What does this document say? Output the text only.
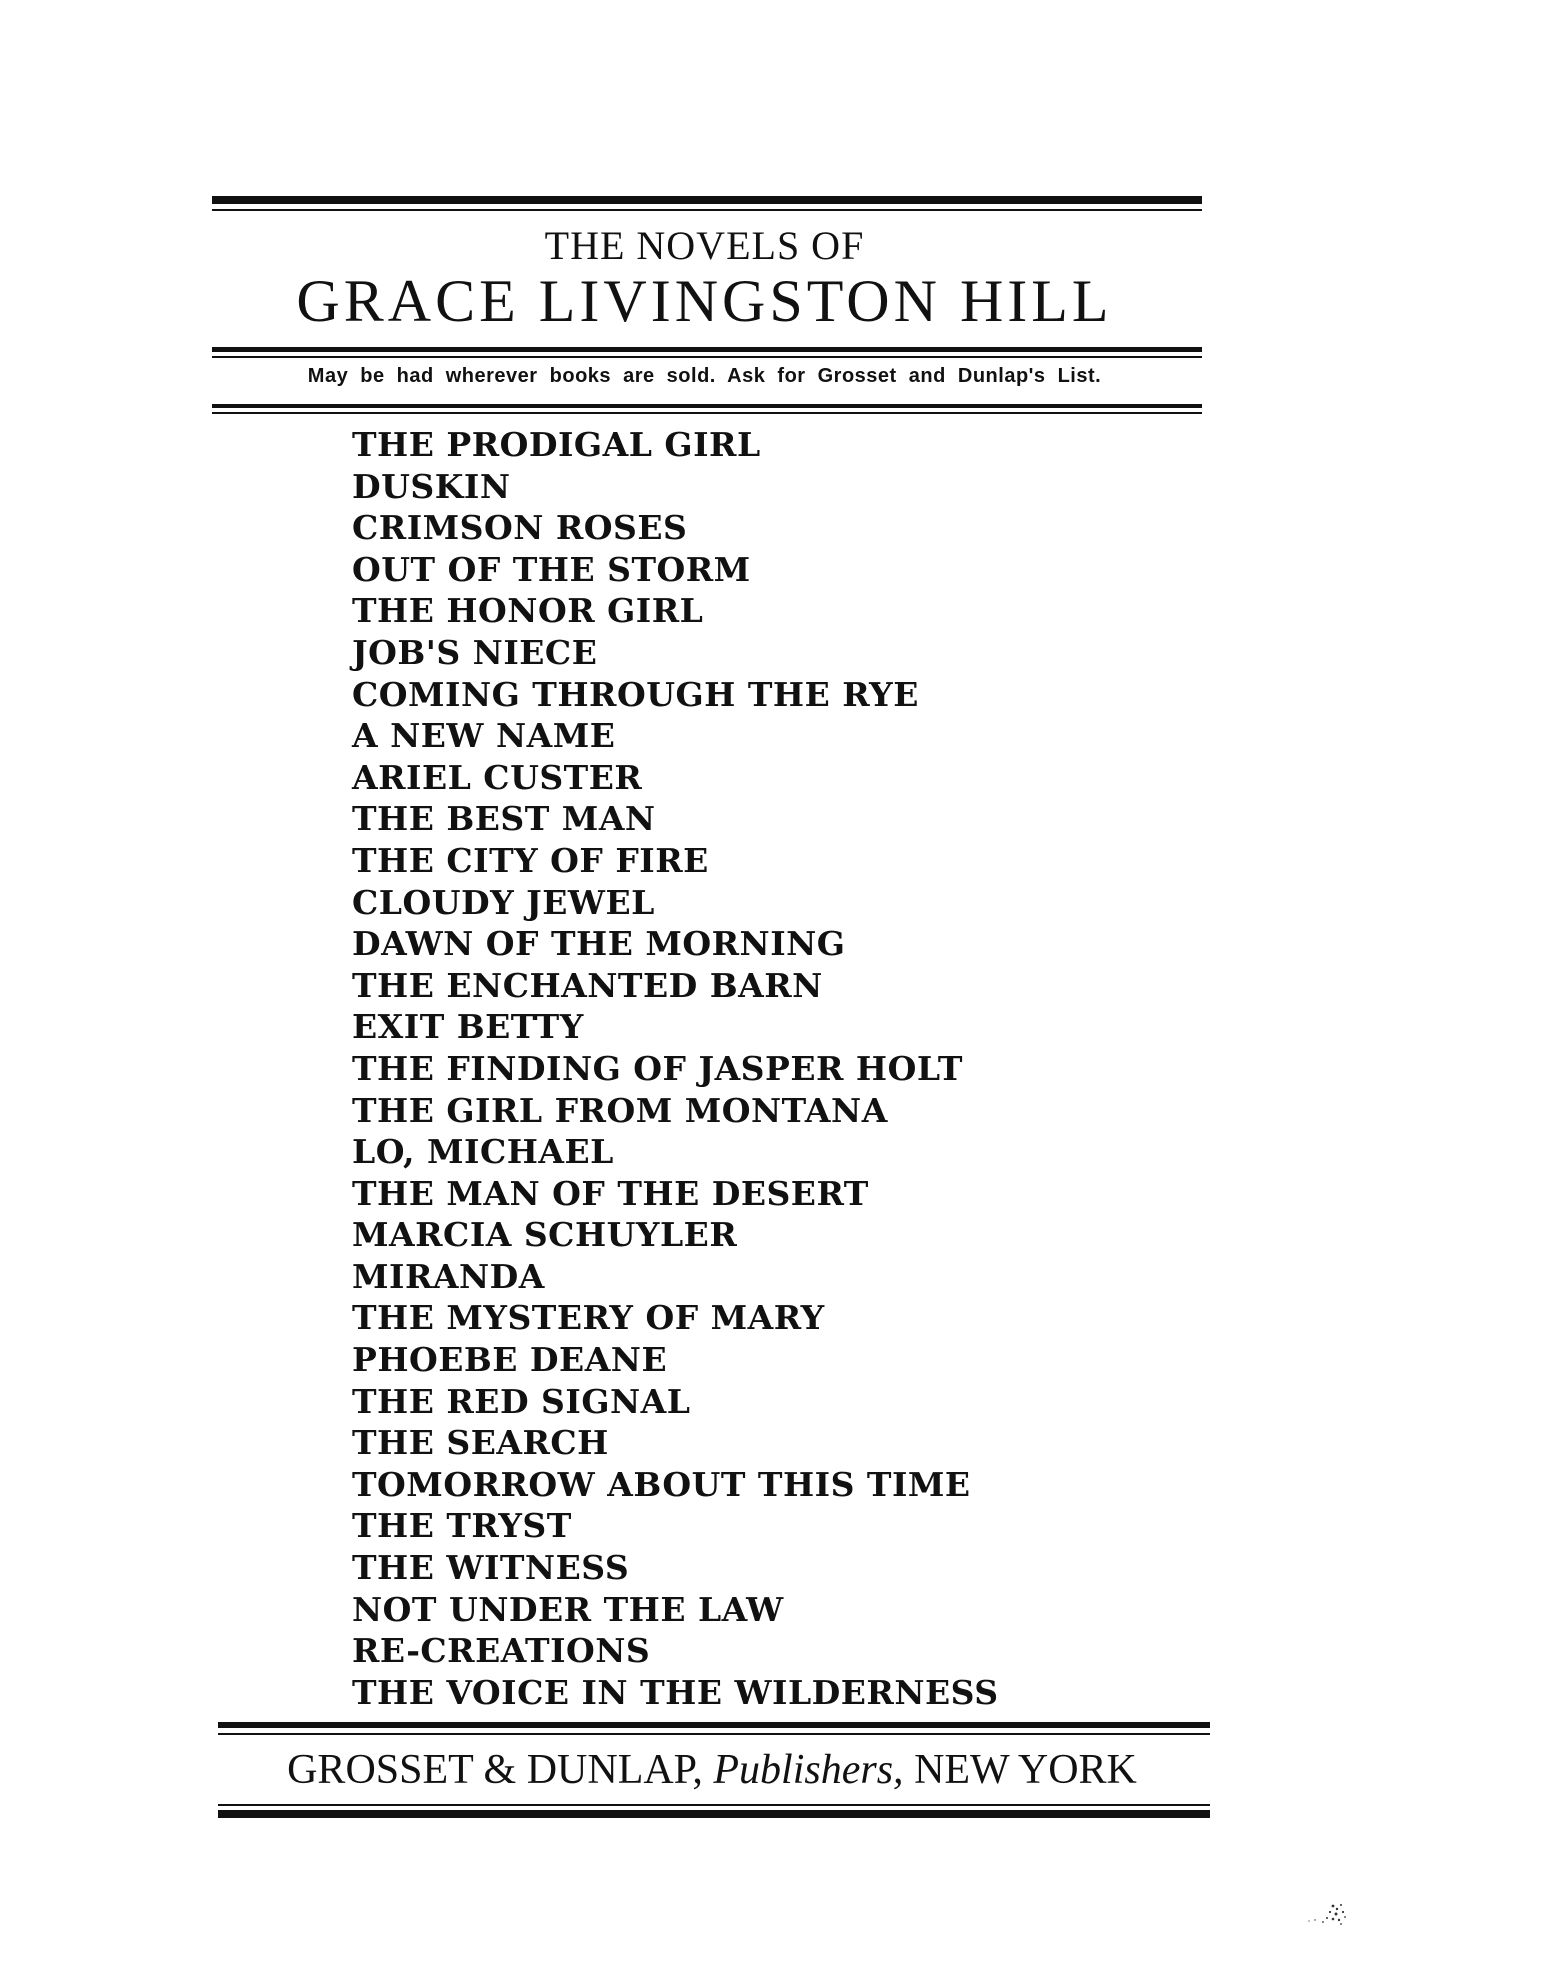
THE NOVELS OF
GRACE LIVINGSTON HILL
May be had wherever books are sold. Ask for Grosset and Dunlap's List.
THE PRODIGAL GIRL
DUSKIN
CRIMSON ROSES
OUT OF THE STORM
THE HONOR GIRL
JOB'S NIECE
COMING THROUGH THE RYE
A NEW NAME
ARIEL CUSTER
THE BEST MAN
THE CITY OF FIRE
CLOUDY JEWEL
DAWN OF THE MORNING
THE ENCHANTED BARN
EXIT BETTY
THE FINDING OF JASPER HOLT
THE GIRL FROM MONTANA
LO, MICHAEL
THE MAN OF THE DESERT
MARCIA SCHUYLER
MIRANDA
THE MYSTERY OF MARY
PHOEBE DEANE
THE RED SIGNAL
THE SEARCH
TOMORROW ABOUT THIS TIME
THE TRYST
THE WITNESS
NOT UNDER THE LAW
RE-CREATIONS
THE VOICE IN THE WILDERNESS
GROSSET & DUNLAP, Publishers, NEW YORK
